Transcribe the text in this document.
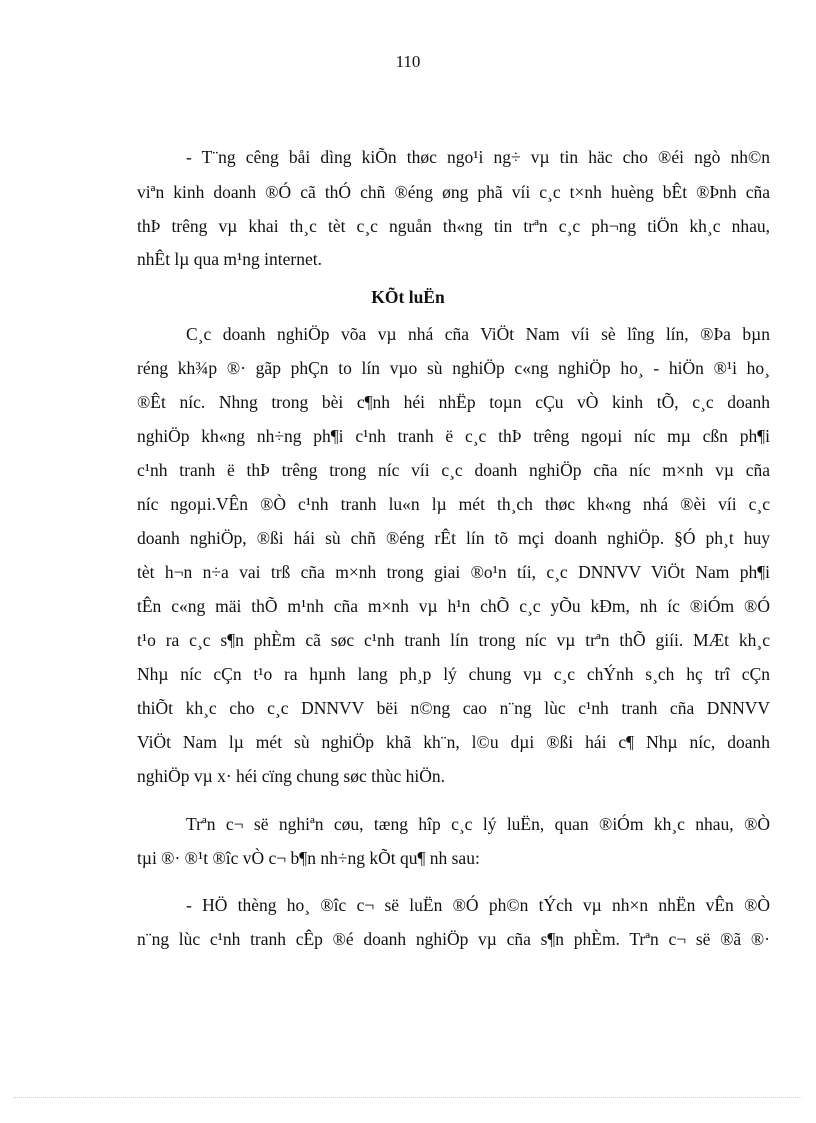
110
- T¨ng cêng båi dìng kiÕn thøc ngo¹i ng÷ vµ tin häc cho ®éi ngò nh©n
viªn kinh doanh ®Ó cã thÓ chñ ®éng øng phã víi c¸c t×nh huèng bÊt ®Þnh cña
thÞ trêng vµ khai th¸c tèt c¸c nguån th«ng tin trªn c¸c ph¬ng tiÖn kh¸c nhau,
nhÊt lµ qua m¹ng internet.
KÕt luËn
C¸c doanh nghiÖp võa vµ nhá cña ViÖt Nam víi sè lîng lín, ®Þa bµn
réng kh¾p ®· gãp phÇn to lín vµo sù nghiÖp c«ng nghiÖp ho¸ - hiÖn ®¹i ho¸
®Êt níc. Nhng trong bèi c¶nh héi nhËp toµn cÇu vÒ kinh tÕ, c¸c doanh
nghiÖp kh«ng nh÷ng ph¶i c¹nh tranh ë c¸c thÞ trêng ngoµi níc mµ cßn ph¶i
c¹nh tranh ë thÞ trêng trong níc víi c¸c doanh nghiÖp cña níc m×nh vµ cña
níc ngoµi.VÊn ®Ò c¹nh tranh lu«n lµ mét th¸ch thøc kh«ng nhá ®èi víi c¸c
doanh nghiÖp, ®ßi hái sù chñ ®éng rÊt lín tõ mçi doanh nghiÖp. §Ó ph¸t huy
tèt h¬n n÷a vai trß cña m×nh trong giai ®o¹n tíi, c¸c DNNVV ViÖt Nam ph¶i
tÊn c«ng mäi thÕ m¹nh cña m×nh vµ h¹n chÕ c¸c yÕu kÐm, nh íc ®iÓm ®Ó
t¹o ra c¸c s¶n phÈm cã søc c¹nh tranh lín trong níc vµ trªn thÕ giíi. MÆt kh¸c
Nhµ níc cÇn t¹o ra hµnh lang ph¸p lý chung vµ c¸c chÝnh s¸ch hç trî cÇn
thiÕt kh¸c cho c¸c DNNVV bëi n©ng cao n¨ng lùc c¹nh tranh cña DNNVV
ViÖt Nam lµ mét sù nghiÖp khã kh¨n, l©u dµi ®ßi hái c¶ Nhµ níc, doanh
nghiÖp vµ x· héi cïng chung søc thùc hiÖn.
Trªn c¬ së nghiªn cøu, tæng hîp c¸c lý luËn, quan ®iÓm kh¸c nhau, ®Ò
tµi ®· ®¹t ®îc vÒ c¬ b¶n nh÷ng kÕt qu¶ nh sau:
- HÖ thèng ho¸ ®îc c¬ së luËn ®Ó ph©n tÝch vµ nh×n nhËn vÊn ®Ò
n¨ng lùc c¹nh tranh cÊp ®é doanh nghiÖp vµ cña s¶n phÈm. Trªn c¬ së ®ã ®·
